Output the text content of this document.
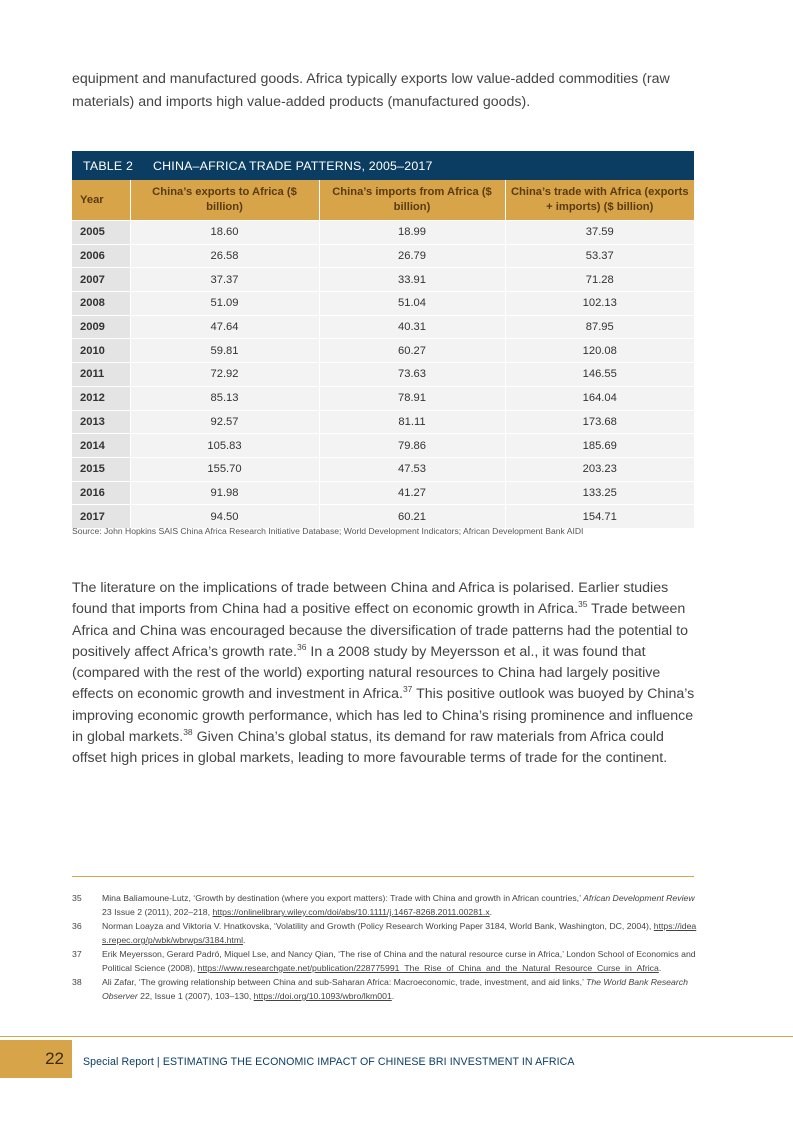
equipment and manufactured goods. Africa typically exports low value-added commodities (raw materials) and imports high value-added products (manufactured goods).

TABLE 2	CHINA–AFRICA TRADE PATTERNS, 2005–2017
Year	China’s exports to Africa ($ billion)	China’s imports from Africa ($ billion)	China’s trade with Africa (exports + imports) ($ billion)
2005	18.60	18.99	37.59
2006	26.58	26.79	53.37
2007	37.37	33.91	71.28
2008	51.09	51.04	102.13
2009	47.64	40.31	87.95
2010	59.81	60.27	120.08
2011	72.92	73.63	146.55
2012	85.13	78.91	164.04
2013	92.57	81.11	173.68
2014	105.83	79.86	185.69
2015	155.70	47.53	203.23
2016	91.98	41.27	133.25
2017	94.50	60.21	154.71
Source: John Hopkins SAIS China Africa Research Initiative Database; World Development Indicators; African Development Bank AIDI

The literature on the implications of trade between China and Africa is polarised. Earlier studies found that imports from China had a positive effect on economic growth in Africa.$^{35}$ Trade between Africa and China was encouraged because the diversification of trade patterns had the potential to positively affect Africa’s growth rate.$^{36}$ In a 2008 study by Meyersson et al., it was found that (compared with the rest of the world) exporting natural resources to China had largely positive effects on economic growth and investment in Africa.$^{37}$ This positive outlook was buoyed by China’s improving economic growth performance, which has led to China’s rising prominence and influence in global markets.$^{38}$ Given China’s global status, its demand for raw materials from Africa could offset high prices in global markets, leading to more favourable terms of trade for the continent.

35	Mina Baliamoune-Lutz, ‘Growth by destination (where you export matters): Trade with China and growth in African countries,’ African Development Review 23 Issue 2 (2011), 202–218, https://onlinelibrary.wiley.com/doi/abs/10.1111/j.1467-8268.2011.00281.x.
36	Norman Loayza and Viktoria V. Hnatkovska, ‘Volatility and Growth (Policy Research Working Paper 3184, World Bank, Washington, DC, 2004), https://ideas.repec.org/p/wbk/wbrwps/3184.html.
37	Erik Meyersson, Gerard Padró, Miquel Lse, and Nancy Qian, ‘The rise of China and the natural resource curse in Africa,’ London School of Economics and Political Science (2008), https://www.researchgate.net/publication/228775991_The_Rise_of_China_and_the_Natural_Resource_Curse_in_Africa.
38	Ali Zafar, ‘The growing relationship between China and sub-Saharan Africa: Macroeconomic, trade, investment, and aid links,’ The World Bank Research Observer 22, Issue 1 (2007), 103–130, https://doi.org/10.1093/wbro/lkm001.
22	Special Report | ESTIMATING THE ECONOMIC IMPACT OF CHINESE BRI INVESTMENT IN AFRICA
